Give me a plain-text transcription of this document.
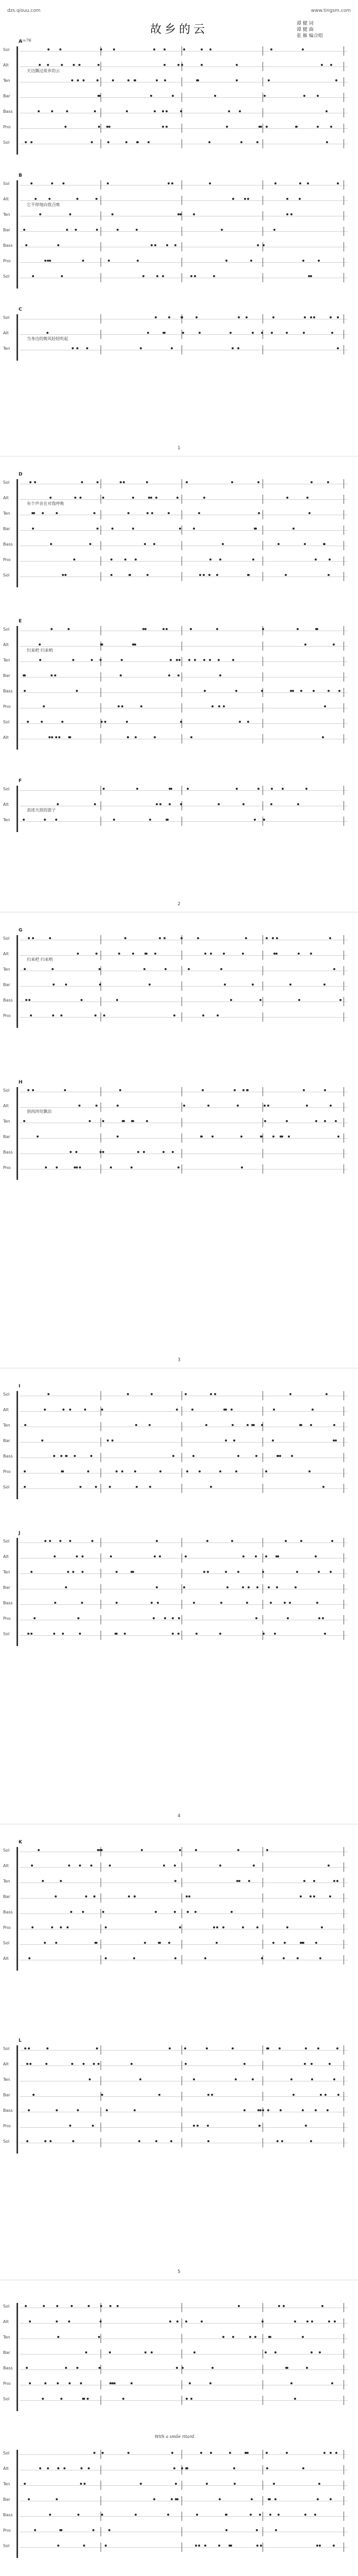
dzs.qisuu.com	www.tingsm.com
故乡的云	谭 健 词
谭 健 曲
张 雁 编合唱
♩=76
A
Sol
Alt
天边飘过故乡的云
Ten
Bar
Bass
Pno
Sol
B
Sol
Alt
它不停地向我召唤
Ten
Bar
Bass
Pno
Sol
C
Sol
Alt
当身边的微风轻轻吹起
Ten
1
D
Sol
Alt
有个声音在对我呼唤
Ten
Bar
Bass
Pno
Sol
E
Sol
Alt
归来吧 归来哟
Ten
Bar
Bass
Pno
Sol
Alt
F
Sol
Alt
浪迹天涯的游子
Ten
2
G
Sol
Alt
归来吧 归来哟
Ten
Bar
Bass
Pno
H
Sol
Alt
别再四处飘泊
Ten
Bar
Bass
Pno
3
I
Sol
Alt
Ten
Bar
Bass
Pno
Sol
J
Sol
Alt
Ten
Bar
Bass
Pno
Sol
4
K
Sol
Alt
Ten
Bar
Bass
Pno
Sol
Alt
L
Sol
Alt
Ten
Bar
Bass
Pno
Sol
5
Sol
Alt
Ten
Bar
Bass
Pno
Sol
Sol
Alt
Ten
Bar
Bass
Pno
Sol
With a smile ritard.
